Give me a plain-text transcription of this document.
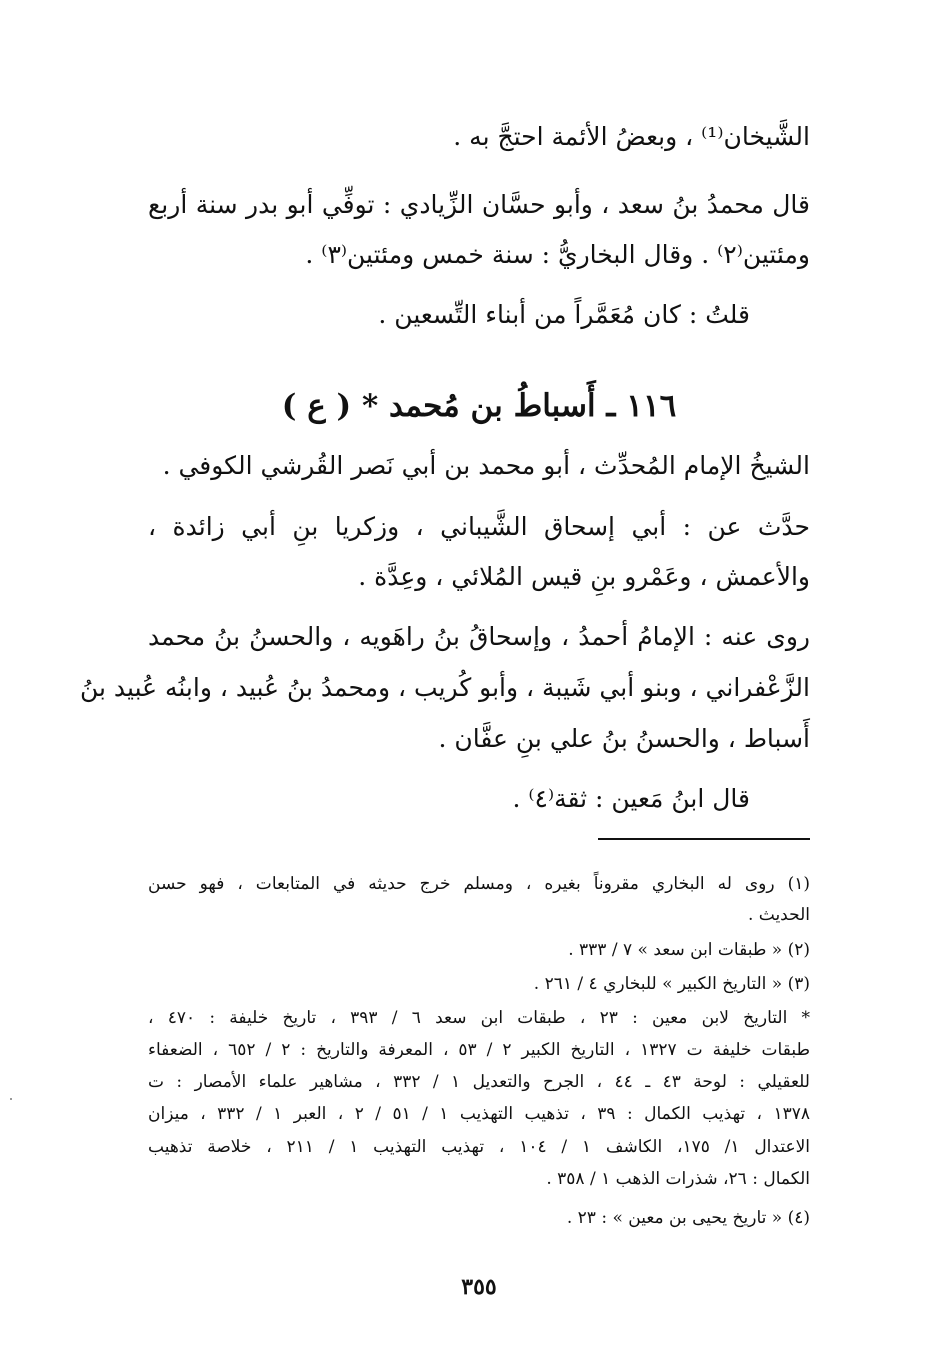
الشَّيخان⁽¹⁾ ، وبعضُ الأئمة احتجَّ به .
قال محمدُ بنُ سعد ، وأبو حسَّان الزِّيادي : توفِّي أبو بدر سنة أربع
ومئتين⁽٢⁾ . وقال البخاريُّ : سنة خمس ومئتين⁽٣⁾ .
قلتُ : كان مُعَمَّراً من أبناء التِّسعين .
١١٦ ـ أَسباطُ بن مُحمد * ( ع )
الشيخُ الإمام المُحدِّث ، أبو محمد بن أبي نَصر القُرشي الكوفي .
حدَّث عن : أبي إسحاق الشَّيباني ، وزكريا بنِ أبي زائدة ،
والأعمش ، وعَمْرو بنِ قيس المُلائي ، وعِدَّة .
روى عنه : الإمامُ أحمدُ ، وإسحاقُ بنُ راهَويه ، والحسنُ بنُ محمد
الزَّعْفراني ، وبنو أبي شَيبة ، وأبو كُريب ، ومحمدُ بنُ عُبيد ، وابنُه عُبيد بنُ
أَسباط ، والحسنُ بنُ علي بنِ عفَّان .
قال ابنُ مَعين : ثقة⁽٤⁾ .
(١) روى له البخاري مقروناً بغيره ، ومسلم خرج حديثه في المتابعات ، فهو حسن
الحديث .
(٢) « طبقات ابن سعد » ٧ / ٣٣٣ .
(٣) « التاريخ الكبير » للبخاري ٤ / ٢٦١ .
* التاريخ لابن معين : ٢٣ ، طبقات ابن سعد ٦ / ٣٩٣ ، تاريخ خليفة : ٤٧٠ ،
طبقات خليفة ت ١٣٢٧ ، التاريخ الكبير ٢ / ٥٣ ، المعرفة والتاريخ : ٢ / ٦٥٢ ، الضعفاء
للعقيلي : لوحة ٤٣ ـ ٤٤ ، الجرح والتعديل ١ / ٣٣٢ ، مشاهير علماء الأمصار : ت
١٣٧٨ ، تهذيب الكمال : ٣٩ ، تذهيب التهذيب ١ / ٥١ / ٢ ، العبر ١ / ٣٣٢ ، ميزان
الاعتدال ١/ ١٧٥، الكاشف ١ / ١٠٤ ، تهذيب التهذيب ١ / ٢١١ ، خلاصة تذهيب
الكمال : ٢٦، شذرات الذهب ١ / ٣٥٨ .
(٤) « تاريخ يحيى بن معين » : ٢٣ .
٣٥٥
